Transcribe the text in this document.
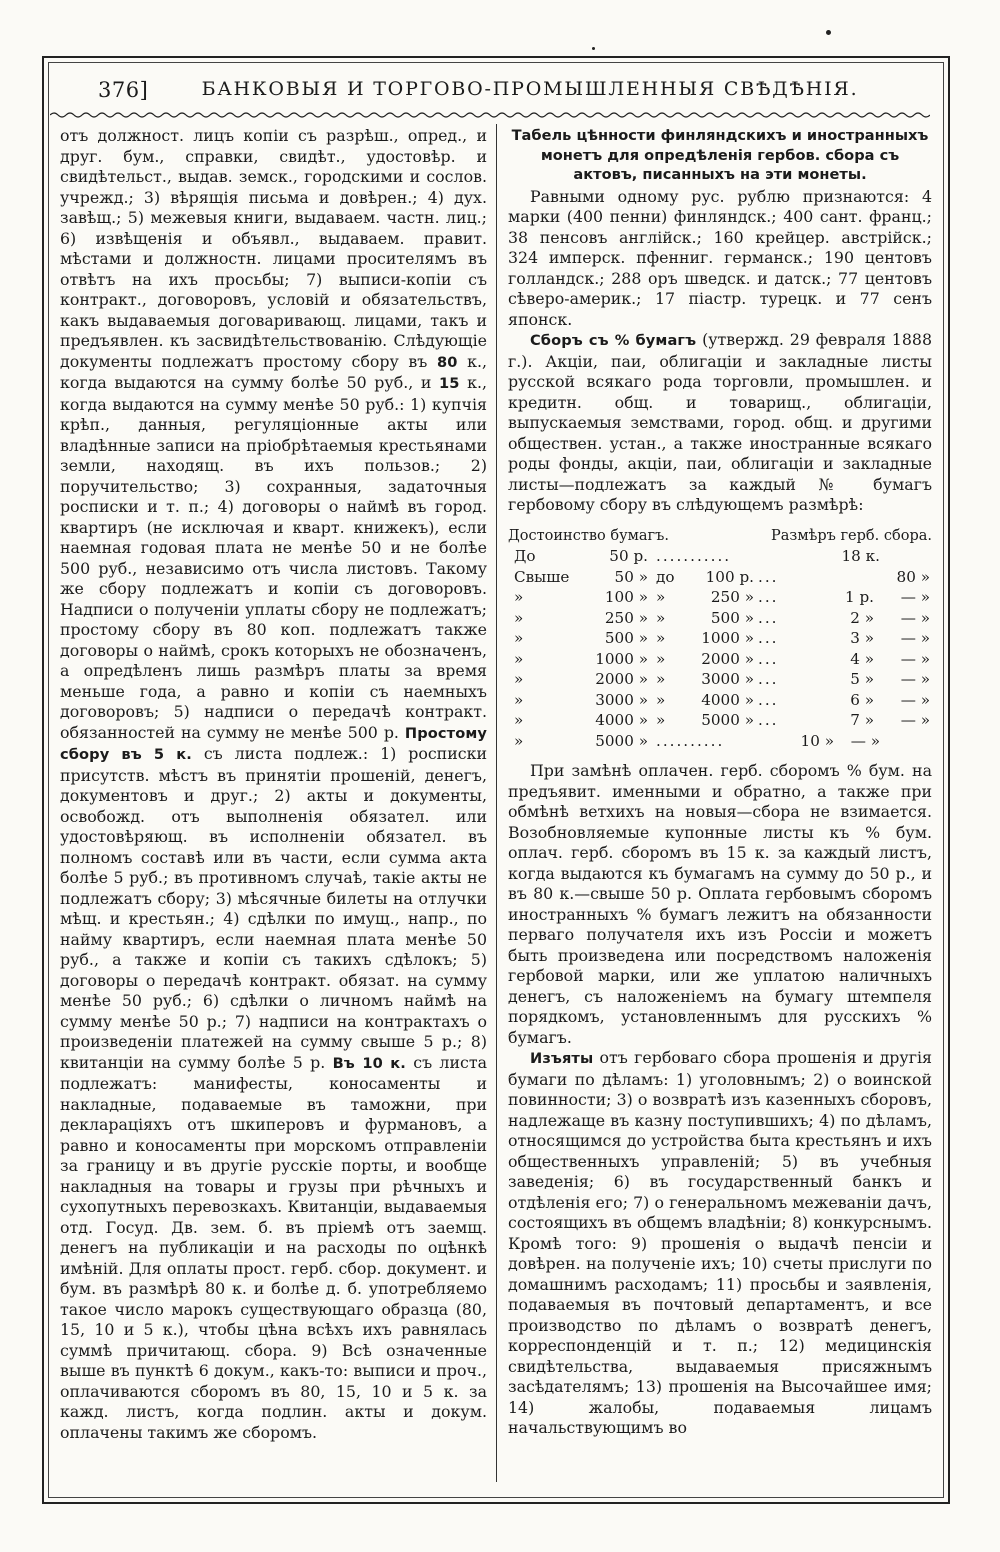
376]	БАНКОВЫЯ И ТОРГОВО-ПРОМЫШЛЕННЫЯ СВѢДѢНІЯ.

отъ должност. лицъ копіи съ разрѣш., опред., и друг. бум., справки, свидѣт., удостовѣр. и свидѣтельст., выдав. земск., городскими и сослов. учрежд.; 3) вѣрящія письма и довѣрен.; 4) дух. завѣщ.; 5) межевыя книги, выдаваем. частн. лиц.; 6) извѣщенія и объявл., выдаваем. правит. мѣстами и должностн. лицами просителямъ въ отвѣтъ на ихъ просьбы; 7) выписи-копіи съ контракт., договоровъ, условій и обязательствъ, какъ выдаваемыя договаривающ. лицами, такъ и предъявлен. къ засвидѣтельствованію. Слѣдующіе документы подлежатъ простому сбору въ 80 к., когда выдаются на сумму болѣе 50 руб., и 15 к., когда выдаются на сумму менѣе 50 руб.: 1) купчія крѣп., данныя, регуляціонные акты или владѣнные записи на пріобрѣтаемыя крестьянами земли, находящ. въ ихъ пользов.; 2) поручительство; 3) сохранныя, задаточныя росписки и т. п.; 4) договоры о наймѣ въ город. квартиръ (не исключая и кварт. книжекъ), если наемная годовая плата не менѣе 50 и не болѣе 500 руб., независимо отъ числа листовъ. Такому же сбору подлежатъ и копіи съ договоровъ. Надписи о полученіи уплаты сбору не подлежатъ; простому сбору въ 80 коп. подлежатъ также договоры о наймѣ, срокъ которыхъ не обозначенъ, а опредѣленъ лишь размѣръ платы за время меньше года, а равно и копіи съ наемныхъ договоровъ; 5) надписи о передачѣ контракт. обязанностей на сумму не менѣе 500 р. Простому сбору въ 5 к. съ листа подлеж.: 1) росписки присутств. мѣстъ въ принятіи прошеній, денегъ, документовъ и друг.; 2) акты и документы, освобожд. отъ выполненія обязател. или удостовѣряющ. въ исполненіи обязател. въ полномъ составѣ или въ части, если сумма акта болѣе 5 руб.; въ противномъ случаѣ, такіе акты не подлежатъ сбору; 3) мѣсячные билеты на отлучки мѣщ. и крестьян.; 4) сдѣлки по имущ., напр., по найму квартиръ, если наемная плата менѣе 50 руб., а также и копіи съ такихъ сдѣлокъ; 5) договоры о передачѣ контракт. обязат. на сумму менѣе 50 руб.; 6) сдѣлки о личномъ наймѣ на сумму менѣе 50 р.; 7) надписи на контрактахъ о произведеніи платежей на сумму свыше 5 р.; 8) квитанціи на сумму болѣе 5 р. Въ 10 к. съ листа подлежатъ: манифесты, коносаменты и накладные, подаваемые въ таможни, при декларацiяхъ отъ шкиперовъ и фурмановъ, а равно и коносаменты при морскомъ отправленіи за границу и въ другіе русскіе порты, и вообще накладныя на товары и грузы при рѣчныхъ и сухопутныхъ перевозкахъ. Квитанціи, выдаваемыя отд. Госуд. Дв. зем. б. въ пріемѣ отъ заемщ. денегъ на публикаціи и на расходы по оцѣнкѣ имѣній. Для оплаты прост. герб. сбор. документ. и бум. въ размѣрѣ 80 к. и болѣе д. б. употребляемо такое число марокъ существующаго образца (80, 15, 10 и 5 к.), чтобы цѣна всѣхъ ихъ равнялась суммѣ причитающ. сбора. 9) Всѣ означенные выше въ пунктѣ 6 докум., какъ-то: выписи и проч., оплачиваются сборомъ въ 80, 15, 10 и 5 к. за кажд. листъ, когда подлин. акты и докум. оплачены такимъ же сборомъ.

Табель цѣнности финляндскихъ и иностранныхъ монетъ для опредѣленія гербов. сбора съ актовъ, писанныхъ на эти монеты.

Равными одному рус. рублю признаются: 4 марки (400 пенни) финляндск.; 400 сант. франц.; 38 пенсовъ англійск.; 160 крейцер. австрійск.; 324 имперск. пфенниг. германск.; 190 центовъ голландск.; 288 оръ шведск. и датск.; 77 центовъ сѣверо-америк.; 17 піастр. турецк. и 77 сенъ японск.

Сборъ съ % бумагъ (утвержд. 29 февраля 1888 г.). Акціи, паи, облигаціи и закладные листы русской всякаго рода торговли, промышлен. и кредитн. общ. и товарищ., облигаціи, выпускаемыя земствами, город. общ. и другими обществен. устан., а также иностранные всякаго роды фонды, акціи, паи, облигаціи и закладные листы—подлежатъ за каждый № бумагъ гербовому сбору въ слѣдующемъ размѣрѣ:

Достоинство бумагъ.	Размѣръ герб. сбора.
До	50 р. ...........	18 к.
Свыше	50 » до	100 р. ...	80 »
»	100 » »	250 » ...	1 р.	— »
»	250 » »	500 » ...	2 »	— »
»	500 » »	1000 » ...	3 »	— »
»	1000 » »	2000 » ...	4 »	— »
»	2000 » »	3000 » ...	5 »	— »
»	3000 » »	4000 » ...	6 »	— »
»	4000 » »	5000 » ...	7 »	— »
»	5000 » ..........	10 »	— »

При замѣнѣ оплачен. герб. сборомъ % бум. на предъявит. именными и обратно, а также при обмѣнѣ ветхихъ на новыя—сбора не взимается. Возобновляемые купонные листы къ % бум. оплач. герб. сборомъ въ 15 к. за каждый листъ, когда выдаются къ бумагамъ на сумму до 50 р., и въ 80 к.—свыше 50 р. Оплата гербовымъ сборомъ иностранныхъ % бумагъ лежитъ на обязанности перваго получателя ихъ изъ Россіи и можетъ быть произведена или посредствомъ наложенія гербовой марки, или же уплатою наличныхъ денегъ, съ наложеніемъ на бумагу штемпеля порядкомъ, установленнымъ для русскихъ % бумагъ.

Изъяты отъ гербоваго сбора прошенія и другія бумаги по дѣламъ: 1) уголовнымъ; 2) о воинской повинности; 3) о возвратѣ изъ казенныхъ сборовъ, надлежаще въ казну поступившихъ; 4) по дѣламъ, относящимся до устройства быта крестьянъ и ихъ общественныхъ управленій; 5) въ учебныя заведенія; 6) въ государственный банкъ и отдѣленія его; 7) о генеральномъ межеваніи дачъ, состоящихъ въ общемъ владѣніи; 8) конкурснымъ. Кромѣ того: 9) прошенія о выдачѣ пенсіи и довѣрен. на полученіе ихъ; 10) счеты прислуги по домашнимъ расходамъ; 11) просьбы и заявленія, подаваемыя въ почтовый департаментъ, и все производство по дѣламъ о возвратѣ денегъ, корреспонденцій и т. п.; 12) медицинскія свидѣтельства, выдаваемыя присяжнымъ засѣдателямъ; 13) прошенія на Высочайшее имя; 14) жалобы, подаваемыя лицамъ начальствующимъ во
